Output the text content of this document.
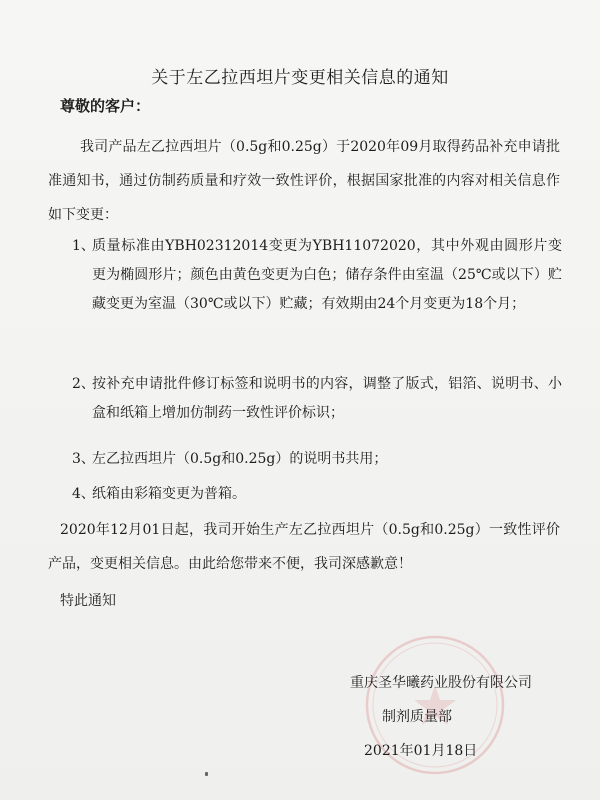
关于左乙拉西坦片变更相关信息的通知
尊敬的客户：
我司产品左乙拉西坦片（0.5g和0.25g）于2020年09月取得药品补充申请批准通知书，通过仿制药质量和疗效一致性评价，根据国家批准的内容对相关信息作如下变更：
1、
质量标准由YBH02312014变更为YBH11072020，其中外观由圆形片变更为椭圆形片；颜色由黄色变更为白色；储存条件由室温（25℃或以下）贮藏变更为室温（30℃或以下）贮藏；有效期由24个月变更为18个月；
2、
按补充申请批件修订标签和说明书的内容，调整了版式，铝箔、说明书、小盒和纸箱上增加仿制药一致性评价标识；
3、
左乙拉西坦片（0.5g和0.25g）的说明书共用；
4、
纸箱由彩箱变更为普箱。
2020年12月01日起，我司开始生产左乙拉西坦片（0.5g和0.25g）一致性评价产品，变更相关信息。由此给您带来不便，我司深感歉意！
特此通知
重庆圣华曦药业股份有限公司
制剂质量部
2021年01月18日
